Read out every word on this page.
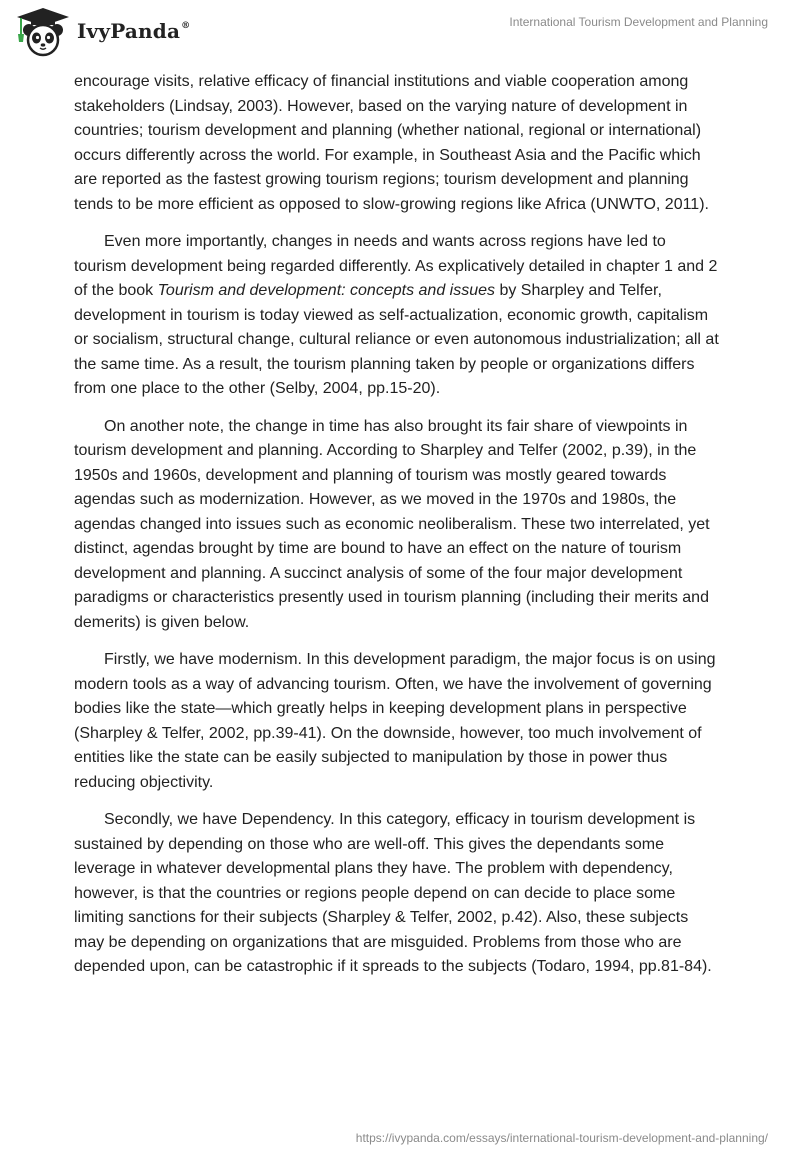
IvyPanda®	International Tourism Development and Planning

encourage visits, relative efficacy of financial institutions and viable cooperation among stakeholders (Lindsay, 2003). However, based on the varying nature of development in countries; tourism development and planning (whether national, regional or international) occurs differently across the world. For example, in Southeast Asia and the Pacific which are reported as the fastest growing tourism regions; tourism development and planning tends to be more efficient as opposed to slow-growing regions like Africa (UNWTO, 2011).

Even more importantly, changes in needs and wants across regions have led to tourism development being regarded differently. As explicatively detailed in chapter 1 and 2 of the book Tourism and development: concepts and issues by Sharpley and Telfer, development in tourism is today viewed as self-actualization, economic growth, capitalism or socialism, structural change, cultural reliance or even autonomous industrialization; all at the same time. As a result, the tourism planning taken by people or organizations differs from one place to the other (Selby, 2004, pp.15-20).

On another note, the change in time has also brought its fair share of viewpoints in tourism development and planning. According to Sharpley and Telfer (2002, p.39), in the 1950s and 1960s, development and planning of tourism was mostly geared towards agendas such as modernization. However, as we moved in the 1970s and 1980s, the agendas changed into issues such as economic neoliberalism. These two interrelated, yet distinct, agendas brought by time are bound to have an effect on the nature of tourism development and planning. A succinct analysis of some of the four major development paradigms or characteristics presently used in tourism planning (including their merits and demerits) is given below.

Firstly, we have modernism. In this development paradigm, the major focus is on using modern tools as a way of advancing tourism. Often, we have the involvement of governing bodies like the state—which greatly helps in keeping development plans in perspective (Sharpley & Telfer, 2002, pp.39-41). On the downside, however, too much involvement of entities like the state can be easily subjected to manipulation by those in power thus reducing objectivity.

Secondly, we have Dependency. In this category, efficacy in tourism development is sustained by depending on those who are well-off. This gives the dependants some leverage in whatever developmental plans they have. The problem with dependency, however, is that the countries or regions people depend on can decide to place some limiting sanctions for their subjects (Sharpley & Telfer, 2002, p.42). Also, these subjects may be depending on organizations that are misguided. Problems from those who are depended upon, can be catastrophic if it spreads to the subjects (Todaro, 1994, pp.81-84).

https://ivypanda.com/essays/international-tourism-development-and-planning/
